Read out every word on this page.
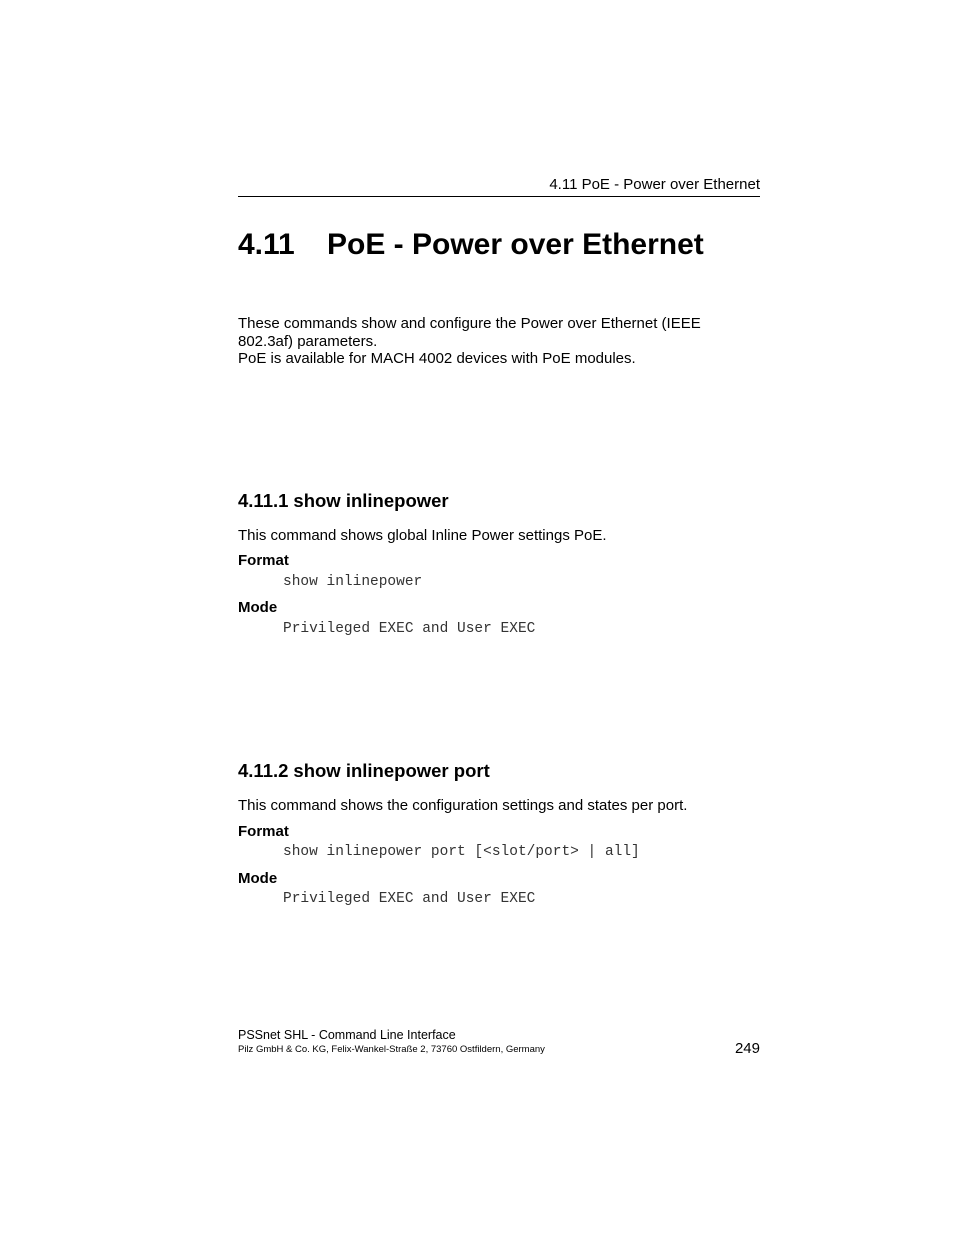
4.11 PoE - Power over Ethernet
4.11 PoE - Power over Ethernet
These commands show and configure the Power over Ethernet (IEEE
802.3af) parameters.
PoE is available for MACH 4002 devices with PoE modules.
4.11.1 show inlinepower
This command shows global Inline Power settings PoE.
Format
show inlinepower
Mode
Privileged EXEC and User EXEC
4.11.2 show inlinepower port
This command shows the configuration settings and states per port.
Format
show inlinepower port [<slot/port> | all]
Mode
Privileged EXEC and User EXEC
PSSnet SHL - Command Line Interface
Pilz GmbH & Co. KG, Felix-Wankel-Straße 2, 73760 Ostfildern, Germany	249
